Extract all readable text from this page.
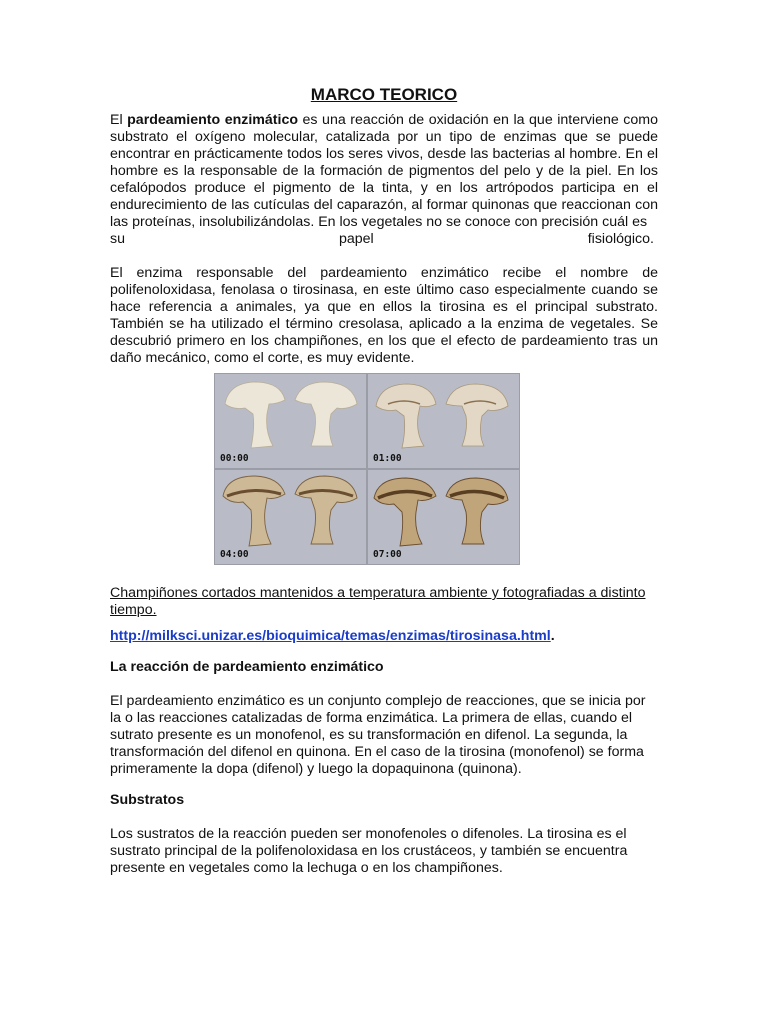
MARCO TEORICO
El pardeamiento enzimático es una reacción de oxidación en la que interviene como substrato el oxígeno molecular, catalizada por un tipo de enzimas que se puede encontrar en prácticamente todos los seres vivos, desde las bacterias al hombre. En el hombre es la responsable de la formación de pigmentos del pelo y de la piel. En los cefalópodos produce el pigmento de la tinta, y en los artrópodos participa en el endurecimiento de las cutículas del caparazón, al formar quinonas que reaccionan con las proteínas, insolubilizándolas. En los vegetales no se conoce con precisión cuál es
su	papel	fisiológico.
El enzima responsable del pardeamiento enzimático recibe el nombre de polifenoloxidasa, fenolasa o tirosinasa, en este último caso especialmente cuando se hace referencia a animales, ya que en ellos la tirosina es el principal substrato. También se ha utilizado el término cresolasa, aplicado a la enzima de vegetales. Se descubrió primero en los champiñones, en los que el efecto de pardeamiento tras un daño mecánico, como el corte, es muy evidente.
00:00	01:00
04:00	07:00
Champiñones cortados mantenidos a temperatura ambiente y fotografiadas a distinto tiempo.
http://milksci.unizar.es/bioquimica/temas/enzimas/tirosinasa.html.
La reacción de pardeamiento enzimático
El pardeamiento enzimático es un conjunto complejo de reacciones, que se inicia por la o las reacciones catalizadas de forma enzimática. La primera de ellas, cuando el sutrato presente es un monofenol, es su transformación en difenol. La segunda, la transformación del difenol en quinona. En el caso de la tirosina (monofenol) se forma primeramente la dopa (difenol) y luego la dopaquinona (quinona).
Substratos
Los sustratos de la reacción pueden ser monofenoles o difenoles. La tirosina es el sustrato principal de la polifenoloxidasa en los crustáceos, y también se encuentra presente en vegetales como la lechuga o en los champiñones.
